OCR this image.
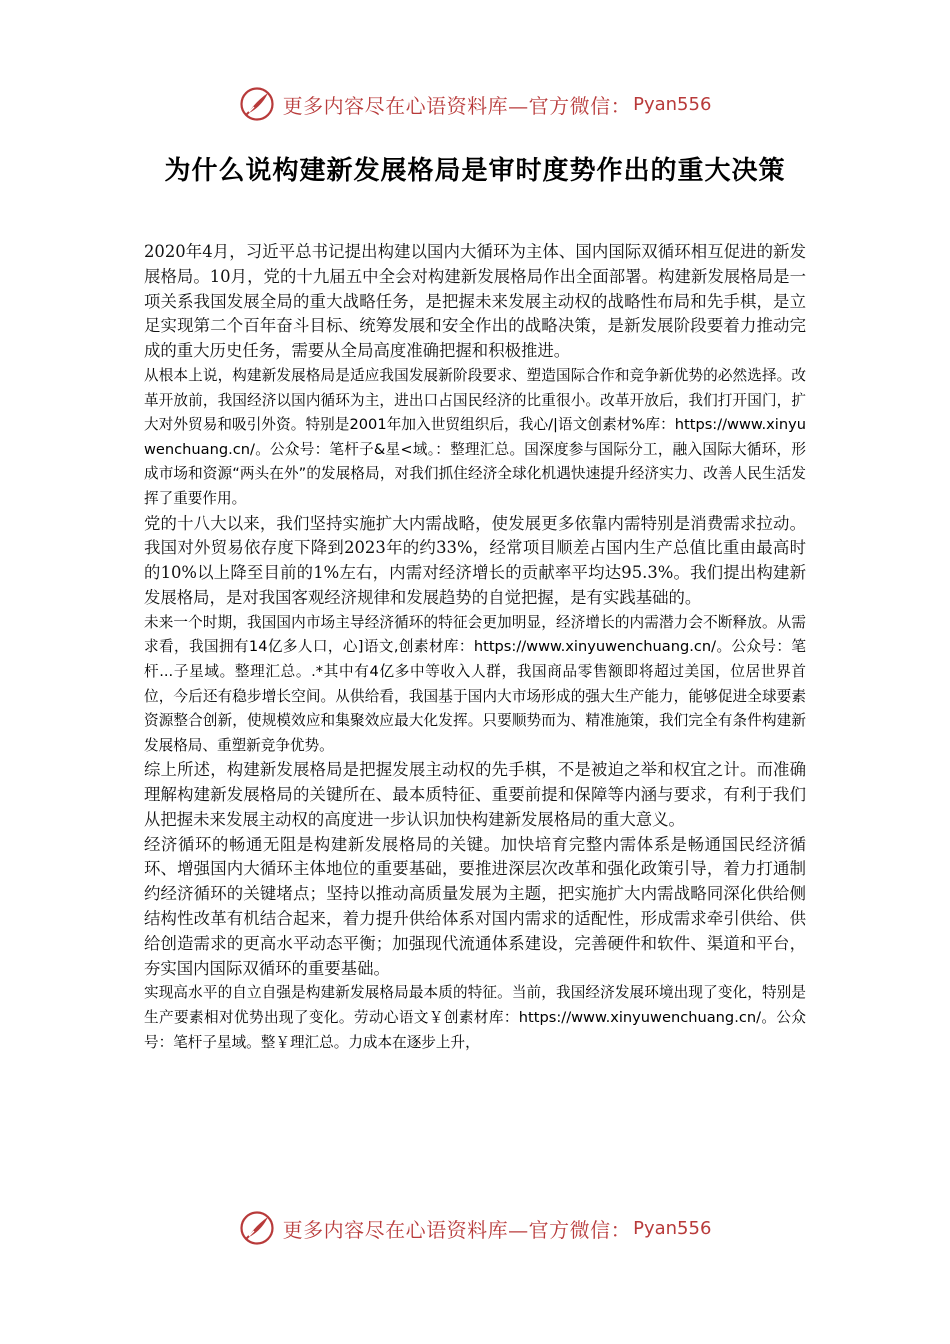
更多内容尽在心语资料库—官方微信： Pyan556
为什么说构建新发展格局是审时度势作出的重大决策

2020年4月，习近平总书记提出构建以国内大循环为主体、国内国际双循环相互促进的新发展格局。10月，党的十九届五中全会对构建新发展格局作出全面部署。构建新发展格局是一项关系我国发展全局的重大战略任务，是把握未来发展主动权的战略性布局和先手棋，是立足实现第二个百年奋斗目标、统筹发展和安全作出的战略决策，是新发展阶段要着力推动完成的重大历史任务，需要从全局高度准确把握和积极推进。

从根本上说，构建新发展格局是适应我国发展新阶段要求、塑造国际合作和竞争新优势的必然选择。改革开放前，我国经济以国内循环为主，进出口占国民经济的比重很小。改革开放后，我们打开国门，扩大对外贸易和吸引外资。特别是2001年加入世贸组织后，我心/|语文创素材%库：https://www.xinyuwenchuang.cn/。公众号：笔杆子&星<域。：整理汇总。国深度参与国际分工，融入国际大循环，形成市场和资源“两头在外”的发展格局，对我们抓住经济全球化机遇快速提升经济实力、改善人民生活发挥了重要作用。

党的十八大以来，我们坚持实施扩大内需战略，使发展更多依靠内需特别是消费需求拉动。我国对外贸易依存度下降到2023年的约33%，经常项目顺差占国内生产总值比重由最高时的10%以上降至目前的1%左右，内需对经济增长的贡献率平均达95.3%。我们提出构建新发展格局，是对我国客观经济规律和发展趋势的自觉把握，是有实践基础的。

未来一个时期，我国国内市场主导经济循环的特征会更加明显，经济增长的内需潜力会不断释放。从需求看，我国拥有14亿多人口，心]语文,创素材库：https://www.xinyuwenchuang.cn/。公众号：笔杆...子星域。整理汇总。.*其中有4亿多中等收入人群，我国商品零售额即将超过美国，位居世界首位，今后还有稳步增长空间。从供给看，我国基于国内大市场形成的强大生产能力，能够促进全球要素资源整合创新，使规模效应和集聚效应最大化发挥。只要顺势而为、精准施策，我们完全有条件构建新发展格局、重塑新竞争优势。

综上所述，构建新发展格局是把握发展主动权的先手棋，不是被迫之举和权宜之计。而准确理解构建新发展格局的关键所在、最本质特征、重要前提和保障等内涵与要求，有利于我们从把握未来发展主动权的高度进一步认识加快构建新发展格局的重大意义。

经济循环的畅通无阻是构建新发展格局的关键。加快培育完整内需体系是畅通国民经济循环、增强国内大循环主体地位的重要基础，要推进深层次改革和强化政策引导，着力打通制约经济循环的关键堵点；坚持以推动高质量发展为主题，把实施扩大内需战略同深化供给侧结构性改革有机结合起来，着力提升供给体系对国内需求的适配性，形成需求牵引供给、供给创造需求的更高水平动态平衡；加强现代流通体系建设，完善硬件和软件、渠道和平台，夯实国内国际双循环的重要基础。

实现高水平的自立自强是构建新发展格局最本质的特征。当前，我国经济发展环境出现了变化，特别是生产要素相对优势出现了变化。劳动心语文￥创素材库：https://www.xinyuwenchuang.cn/。公众号：笔杆子星域。整￥理汇总。力成本在逐步上升，

更多内容尽在心语资料库—官方微信： Pyan556
